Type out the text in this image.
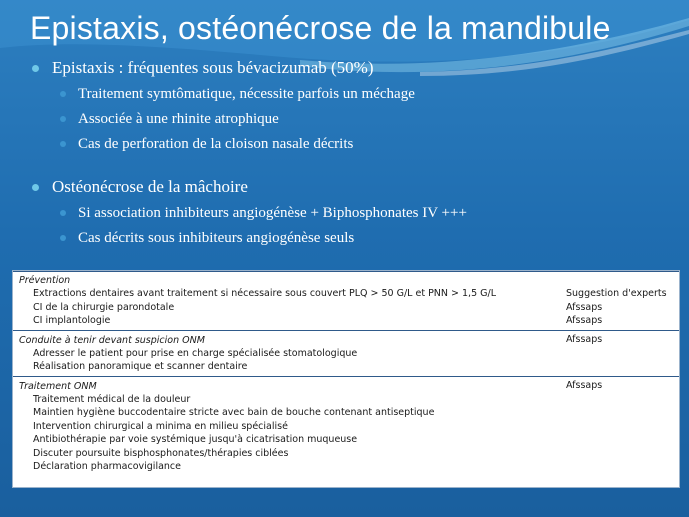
Epistaxis, ostéonécrose de la mandibule
Epistaxis : fréquentes sous bévacizumab (50%)
Traitement symtômatique, nécessite parfois un méchage
Associée à une rhinite atrophique
Cas de perforation de la cloison nasale décrits
Ostéonécrose de la mâchoire
Si association inhibiteurs angiogénèse + Biphosphonates IV +++
Cas décrits sous inhibiteurs angiogénèse seuls
Prévention
Extractions dentaires avant traitement si nécessaire sous couvert PLQ > 50 G/L et PNN > 1,5 G/L	Suggestion d'experts
CI de la chirurgie parondotale	Afssaps
CI implantologie	Afssaps
Conduite à tenir devant suspicion ONM	Afssaps
Adresser le patient pour prise en charge spécialisée stomatologique
Réalisation panoramique et scanner dentaire
Traitement ONM	Afssaps
Traitement médical de la douleur
Maintien hygiène buccodentaire stricte avec bain de bouche contenant antiseptique
Intervention chirurgical a minima en milieu spécialisé
Antibiothérapie par voie systémique jusqu'à cicatrisation muqueuse
Discuter poursuite bisphosphonates/thérapies ciblées
Déclaration pharmacovigilance
